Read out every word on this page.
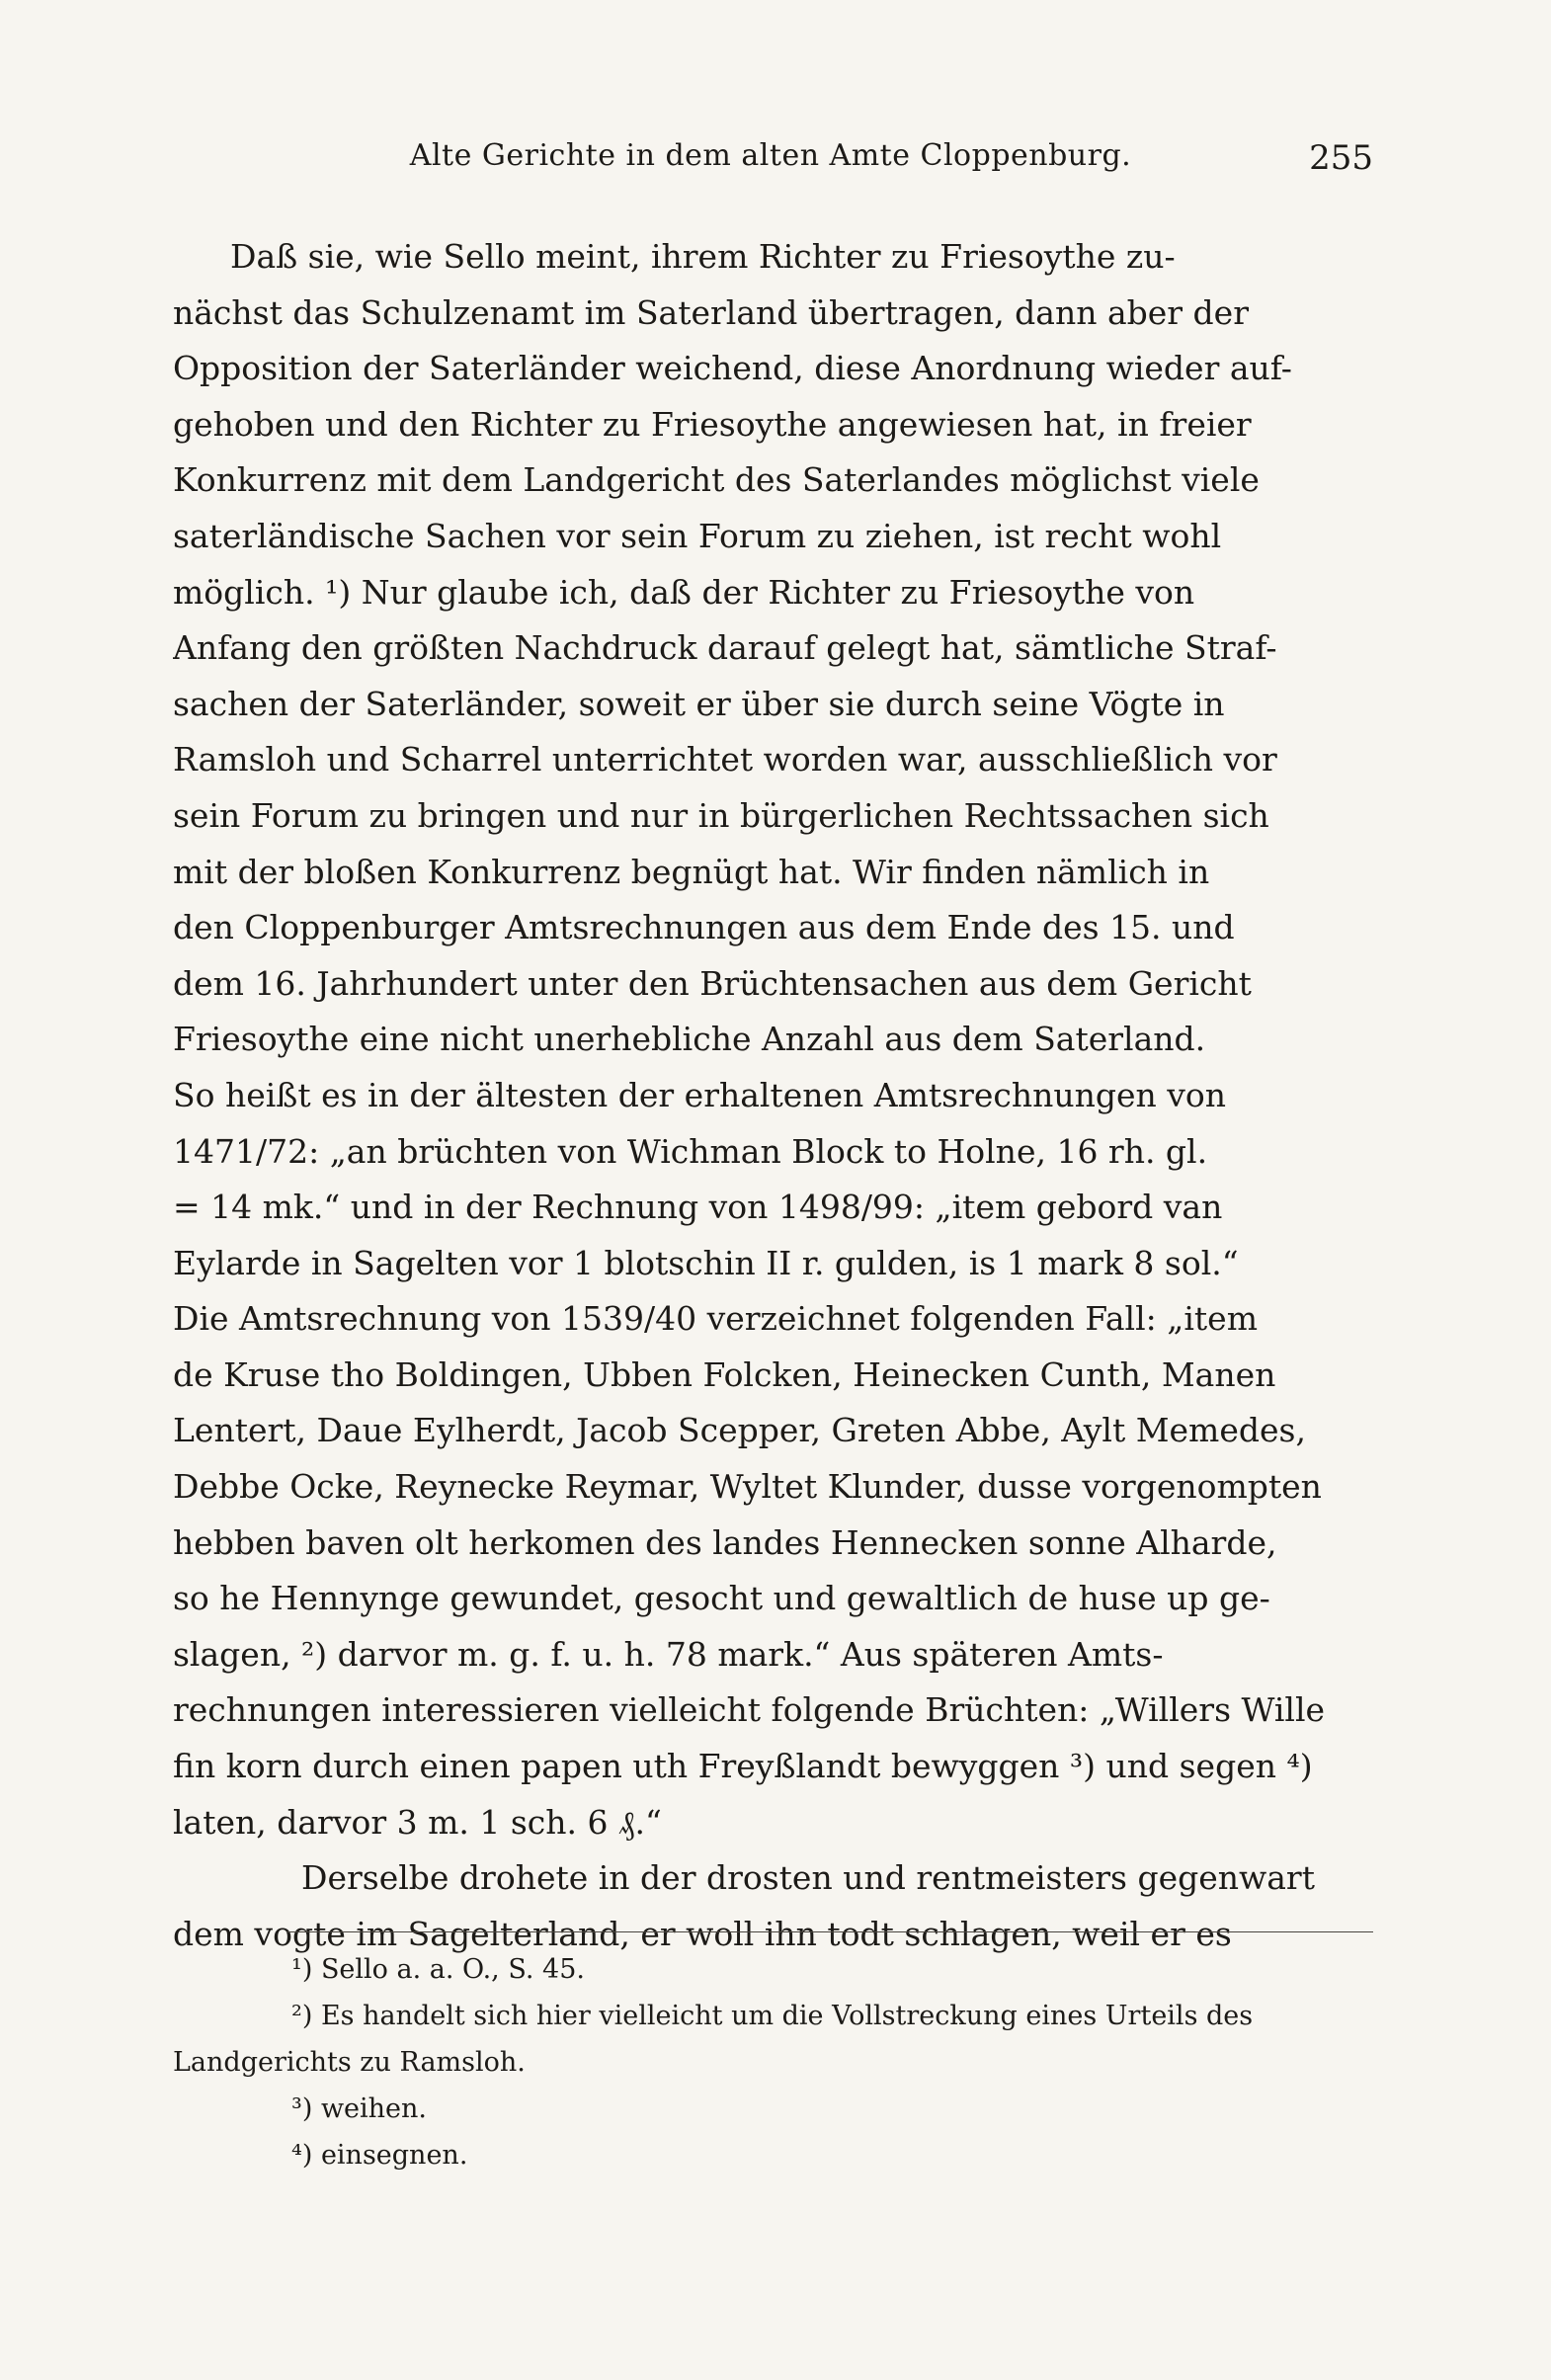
Alte Gerichte in dem alten Amte Cloppenburg.	255
Daß sie, wie Sello meint, ihrem Richter zu Friesoythe zu-
nächst das Schulzenamt im Saterland übertragen, dann aber der
Opposition der Saterländer weichend, diese Anordnung wieder auf-
gehoben und den Richter zu Friesoythe angewiesen hat, in freier
Konkurrenz mit dem Landgericht des Saterlandes möglichst viele
saterländische Sachen vor sein Forum zu ziehen, ist recht wohl
möglich. ¹) Nur glaube ich, daß der Richter zu Friesoythe von
Anfang den größten Nachdruck darauf gelegt hat, sämtliche Straf-
sachen der Saterländer, soweit er über sie durch seine Vögte in
Ramsloh und Scharrel unterrichtet worden war, ausschließlich vor
sein Forum zu bringen und nur in bürgerlichen Rechtssachen sich
mit der bloßen Konkurrenz begnügt hat. Wir finden nämlich in
den Cloppenburger Amtsrechnungen aus dem Ende des 15. und
dem 16. Jahrhundert unter den Brüchtensachen aus dem Gericht
Friesoythe eine nicht unerhebliche Anzahl aus dem Saterland.
So heißt es in der ältesten der erhaltenen Amtsrechnungen von
1471/72: „an brüchten von Wichman Block to Holne, 16 rh. gl.
= 14 mk.“ und in der Rechnung von 1498/99: „item gebord van
Eylarde in Sagelten vor 1 blotschin II r. gulden, is 1 mark 8 sol.“
Die Amtsrechnung von 1539/40 verzeichnet folgenden Fall: „item
de Kruse tho Boldingen, Ubben Folcken, Heinecken Cunth, Manen
Lentert, Daue Eylherdt, Jacob Scepper, Greten Abbe, Aylt Memedes,
Debbe Ocke, Reynecke Reymar, Wyltet Klunder, dusse vorgenompten
hebben baven olt herkomen des landes Hennecken sonne Alharde,
so he Hennynge gewundet, gesocht und gewaltlich de huse up ge-
slagen, ²) darvor m. g. f. u. h. 78 mark.“ Aus späteren Amts-
rechnungen interessieren vielleicht folgende Brüchten: „Willers Wille
fin korn durch einen papen uth Freyßlandt bewyggen ³) und segen ⁴)
laten, darvor 3 m. 1 sch. 6 ₰.“
Derselbe drohete in der drosten und rentmeisters gegenwart
dem vogte im Sagelterland, er woll ihn todt schlagen, weil er es
¹) Sello a. a. O., S. 45.
²) Es handelt sich hier vielleicht um die Vollstreckung eines Urteils des
Landgerichts zu Ramsloh.
³) weihen.
⁴) einsegnen.
